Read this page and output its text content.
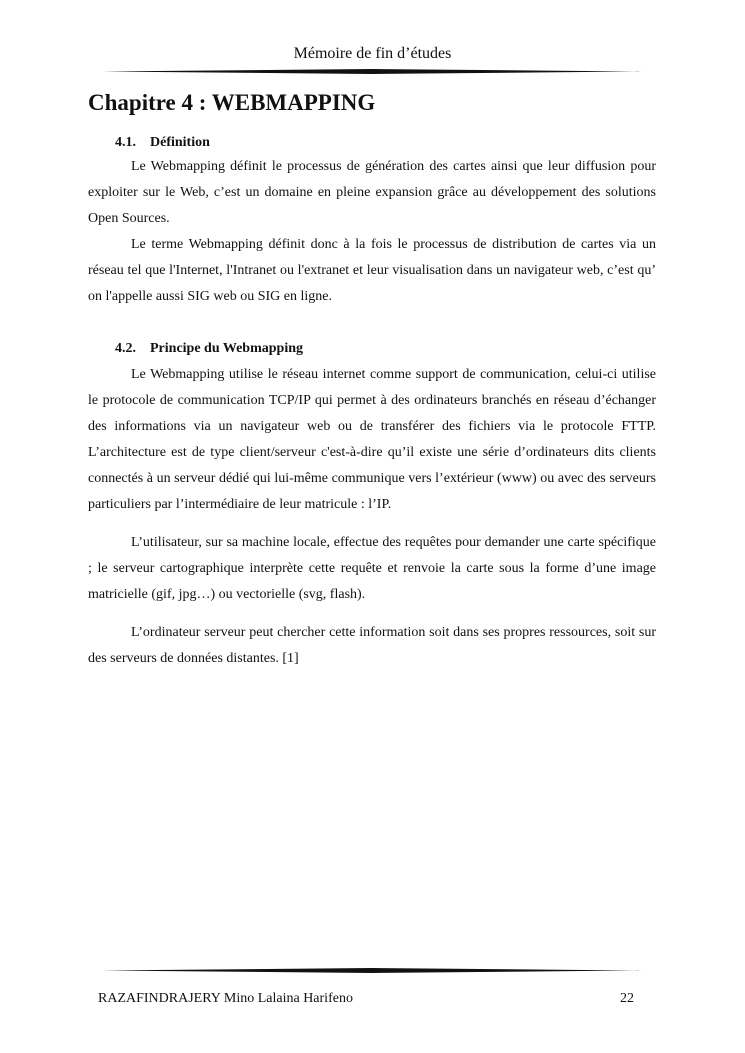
Mémoire de fin d’études
Chapitre 4 : WEBMAPPING
4.1. Définition

Le Webmapping définit le processus de génération des cartes ainsi que leur diffusion pour exploiter sur le Web, c’est un domaine en pleine expansion grâce au développement des solutions Open Sources.

Le terme Webmapping définit donc à la fois le processus de distribution de cartes via un réseau tel que l'Internet, l'Intranet ou l'extranet et leur visualisation dans un navigateur web, c’est qu’ on l'appelle aussi SIG web ou SIG en ligne.

4.2. Principe du Webmapping

Le Webmapping utilise le réseau internet comme support de communication, celui-ci utilise le protocole de communication TCP/IP qui permet à des ordinateurs branchés en réseau d’échanger des informations via un navigateur web ou de transférer des fichiers via le protocole FTTP. L’architecture est de type client/serveur c'est-à-dire qu’il existe une série d’ordinateurs dits clients connectés à un serveur dédié qui lui-même communique vers l’extérieur (www) ou avec des serveurs particuliers par l’intermédiaire de leur matricule : l’IP.

L’utilisateur, sur sa machine locale, effectue des requêtes pour demander une carte spécifique ; le serveur cartographique interprète cette requête et renvoie la carte sous la forme d’une image matricielle (gif, jpg…) ou vectorielle (svg, flash).

L’ordinateur serveur peut chercher cette information soit dans ses propres ressources, soit sur des serveurs de données distantes. [1]

RAZAFINDRAJERY Mino Lalaina Harifeno	22
